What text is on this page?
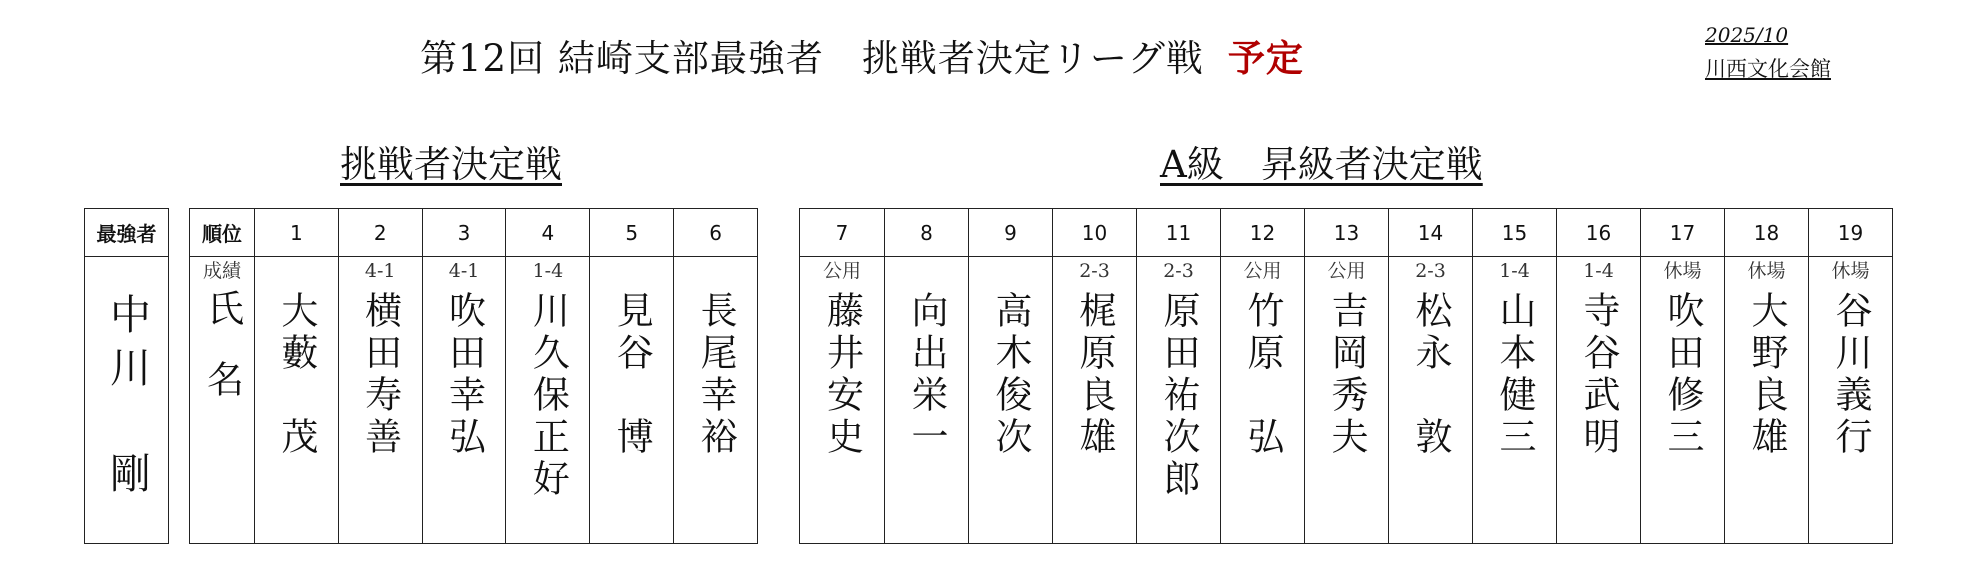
第12回 結崎支部最強者　挑戦者決定リーグ戦 予定
2025/10
川西文化会館
挑戦者決定戦	A級　昇級者決定戦
最強者
中川　剛
順位
成績
氏名
1
大藪　茂
2
4-1
横田寿善
3
4-1
吹田幸弘
4
1-4
川久保正好
5
見谷　博
6
長尾幸裕
7
公用
藤井安史
8
向出栄一
9
高木俊次
10
2-3
梶原良雄
11
2-3
原田祐次郎
12
公用
竹原　弘
13
公用
吉岡秀夫
14
2-3
松永　敦
15
1-4
山本健三
16
1-4
寺谷武明
17
休場
吹田修三
18
休場
大野良雄
19
休場
谷川義行
